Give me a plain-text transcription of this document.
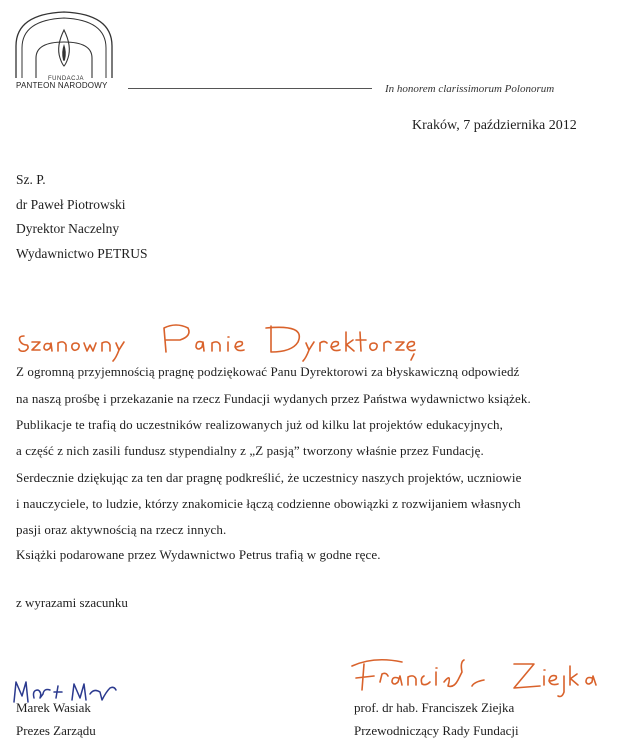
FUNDACJA
PANTEON NARODOWY	In honorem clarissimorum Polonorum
Kraków, 7 października 2012
Sz. P.
dr Paweł Piotrowski
Dyrektor Naczelny
Wydawnictwo PETRUS
Z ogromną przyjemnością pragnę podziękować Panu Dyrektorowi za błyskawiczną odpowiedź
na naszą prośbę i przekazanie na rzecz Fundacji wydanych przez Państwa wydawnictwo książek.
Publikacje te trafią do uczestników realizowanych już od kilku lat projektów edukacyjnych,
a część z nich zasili fundusz stypendialny z „Z pasją” tworzony właśnie przez Fundację.
Serdecznie dziękując za ten dar pragnę podkreślić, że uczestnicy naszych projektów, uczniowie
i nauczyciele, to ludzie, którzy znakomicie łączą codzienne obowiązki z rozwijaniem własnych
pasji oraz aktywnością na rzecz innych.
Książki podarowane przez Wydawnictwo Petrus trafią w godne ręce.
z wyrazami szacunku
Marek Wasiak
Prezes Zarządu
prof. dr hab. Franciszek Ziejka
Przewodniczący Rady Fundacji
